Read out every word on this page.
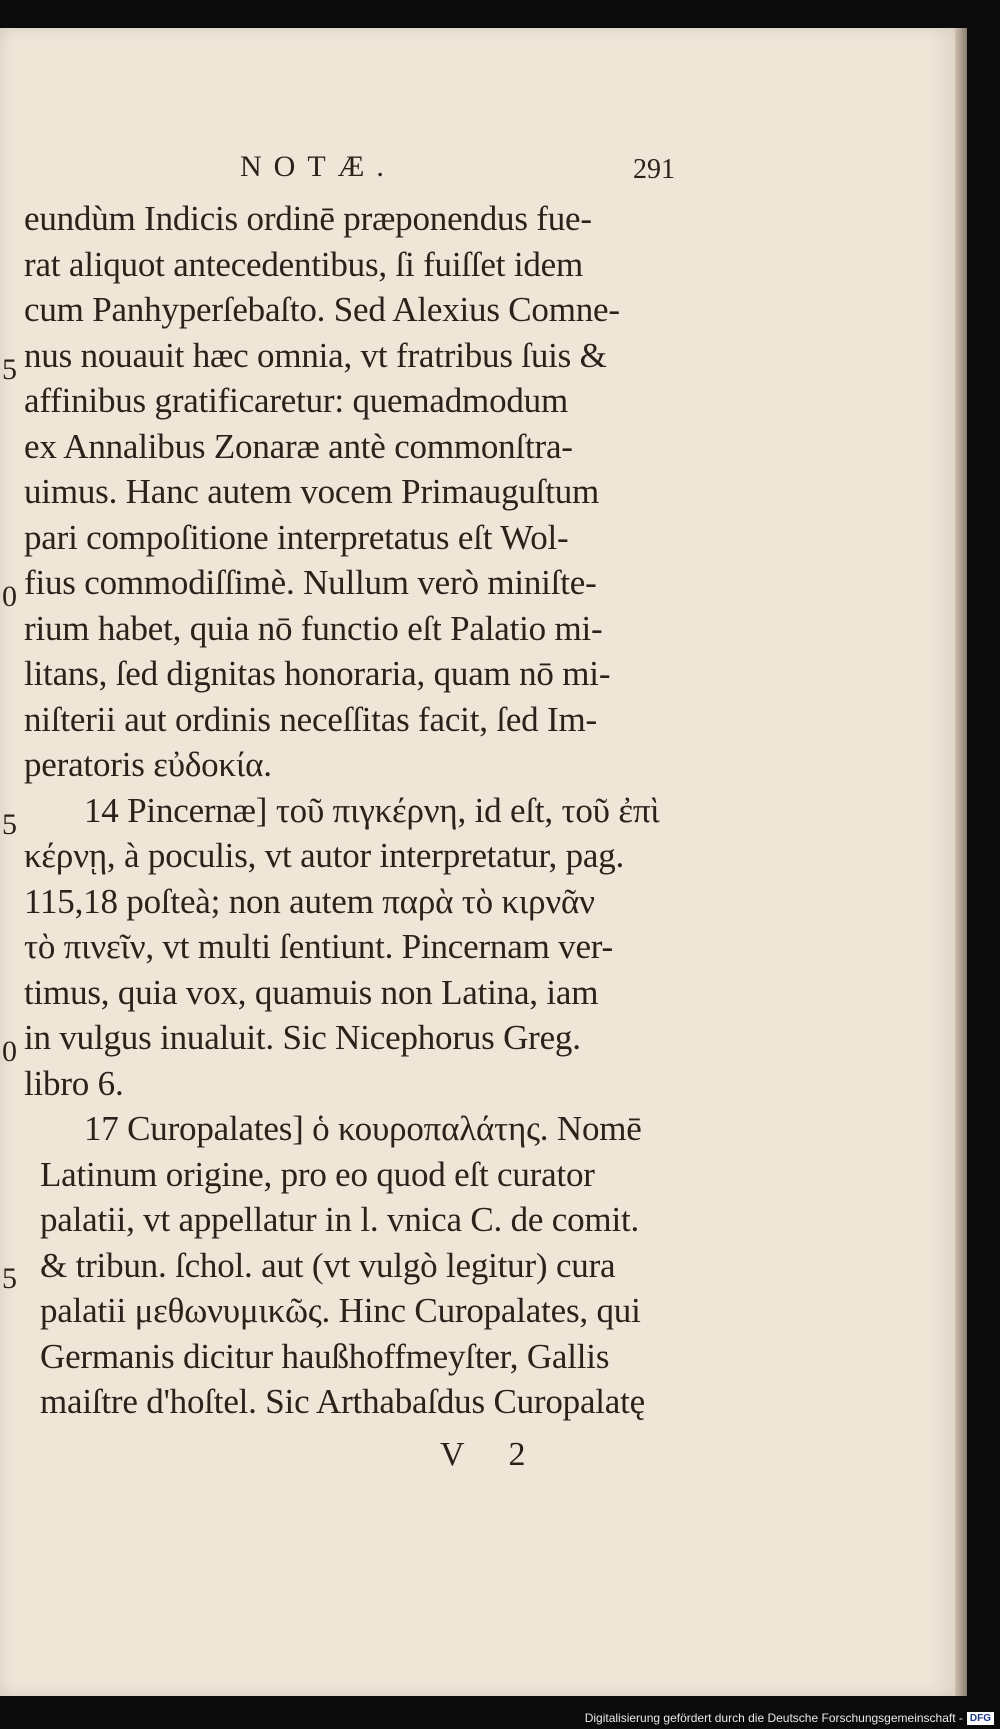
NOTÆ.	291
5
0
5
0
5
eundùm Indicis ordinē præponendus fue-
rat aliquot antecedentibus, ſi fuiſſet idem
cum Panhyperſebaſto. Sed Alexius Comne-
nus nouauit hæc omnia, vt fratribus ſuis &
affinibus gratificaretur: quemadmodum
ex Annalibus Zonaræ antè commonſtra-
uimus. Hanc autem vocem Primauguſtum
pari compoſitione interpretatus eſt Wol-
fius commodiſſimè. Nullum verò miniſte-
rium habet, quia nō functio eſt Palatio mi-
litans, ſed dignitas honoraria, quam nō mi-
niſterii aut ordinis neceſſitas facit, ſed Im-
peratoris εὐδοκία.
14 Pincernæ] τοῦ πιγκέρνη, id eſt, τοῦ ἐπὶ
κέρνῃ, à poculis, vt autor interpretatur, pag.
115,18 poſteà; non autem παρὰ τὸ κιρνᾶν
τὸ πινεῖν, vt multi ſentiunt. Pincernam ver-
timus, quia vox, quamuis non Latina, iam
in vulgus inualuit. Sic Nicephorus Greg.
libro 6.
17 Curopalates] ὁ κουροπαλάτης. Nomē
Latinum origine, pro eo quod eſt curator
palatii, vt appellatur in l. vnica C. de comit.
& tribun. ſchol. aut (vt vulgò legitur) cura
palatii μεθωνυμικῶς. Hinc Curopalates, qui
Germanis dicitur haußhoffmeyſter, Gallis
maiſtre d'hoſtel. Sic Arthabaſdus Curopalatę
V 2
Digitalisierung gefördert durch die Deutsche Forschungsgemeinschaft - DFG
